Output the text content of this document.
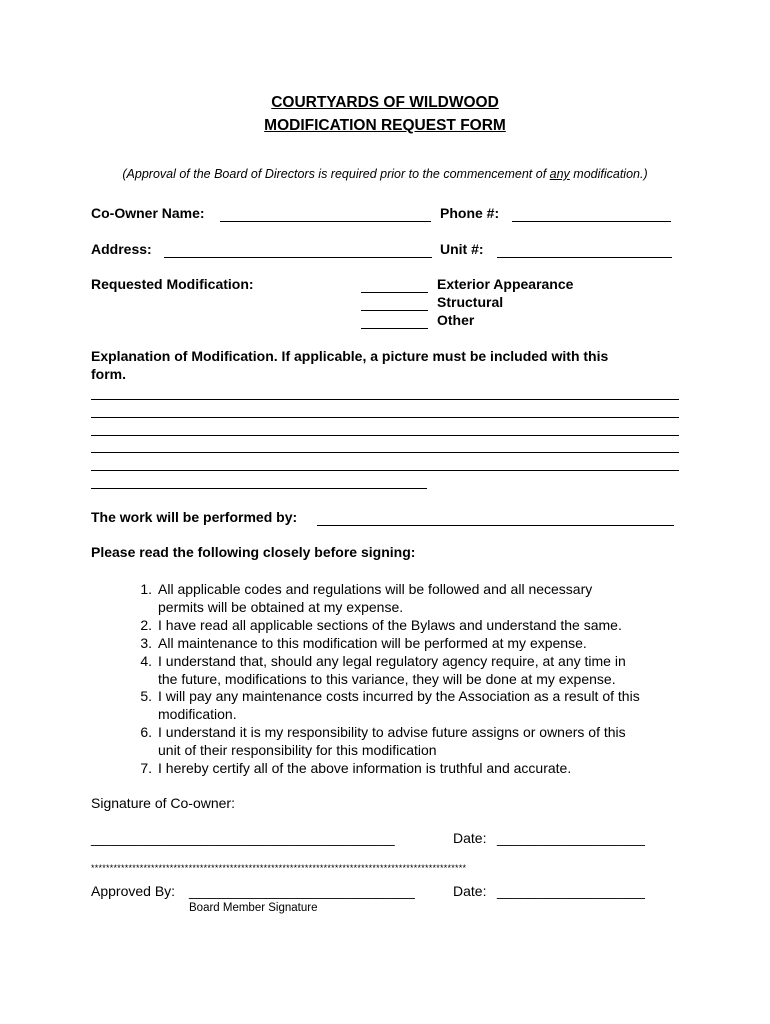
COURTYARDS OF WILDWOOD
MODIFICATION REQUEST FORM
(Approval of the Board of Directors is required prior to the commencement of any modification.)
Co-Owner Name:	Phone #:
Address:	Unit #:
Requested Modification:	Exterior Appearance
Structural
Other
Explanation of Modification. If applicable, a picture must be included with this
form.
The work will be performed by:
Please read the following closely before signing:
1. All applicable codes and regulations will be followed and all necessary
permits will be obtained at my expense.
2. I have read all applicable sections of the Bylaws and understand the same.
3. All maintenance to this modification will be performed at my expense.
4. I understand that, should any legal regulatory agency require, at any time in
the future, modifications to this variance, they will be done at my expense.
5. I will pay any maintenance costs incurred by the Association as a result of this
modification.
6. I understand it is my responsibility to advise future assigns or owners of this
unit of their responsibility for this modification
7. I hereby certify all of the above information is truthful and accurate.
Signature of Co-owner:
_______________________________________	Date: ___________________
****************************************************************************************************
Approved By: _____________________________	Date: ___________________
Board Member Signature
